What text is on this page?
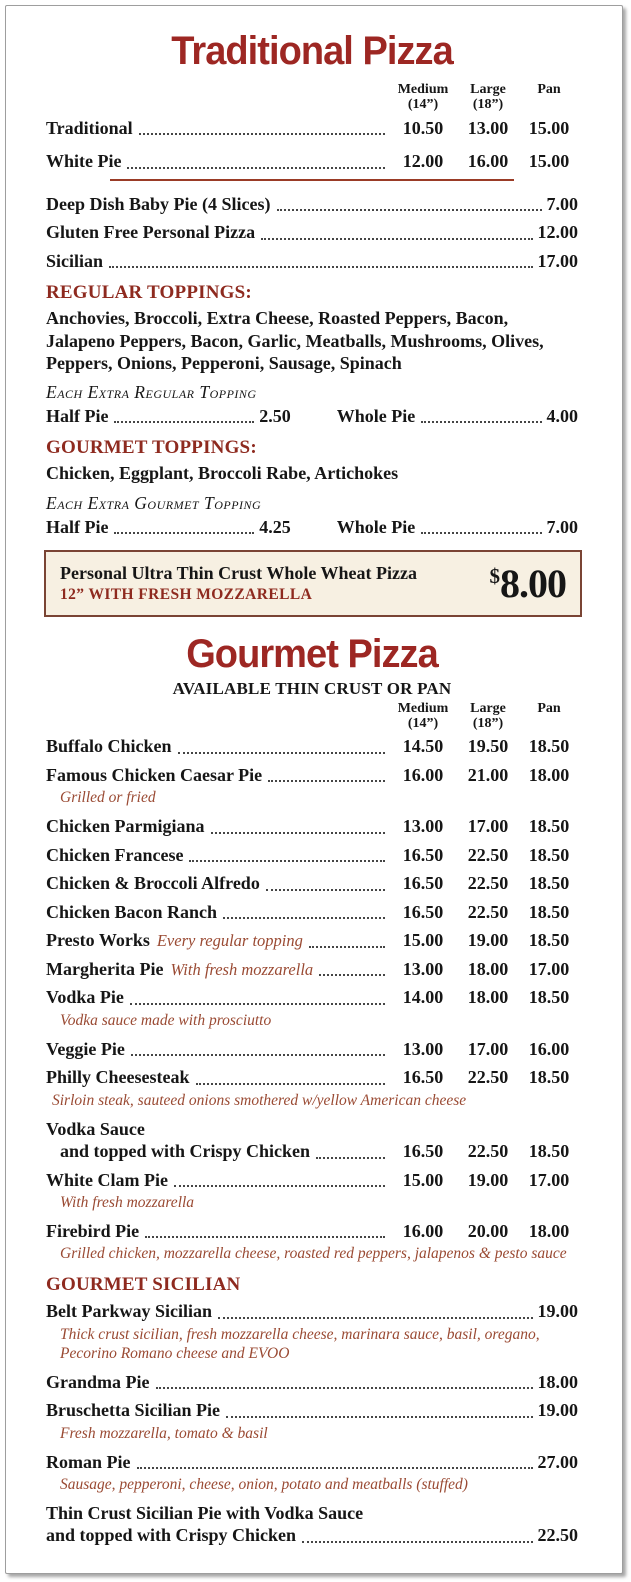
Traditional Pizza
Medium
(14”)
Large
(18”)
Pan

Traditional	10.50	13.00	15.00
White Pie	12.00	16.00	15.00
Deep Dish Baby Pie (4 Slices)	7.00
Gluten Free Personal Pizza	12.00
Sicilian	17.00
REGULAR TOPPINGS:
Anchovies, Broccoli, Extra Cheese, Roasted Peppers, Bacon, Jalapeno Peppers, Bacon, Garlic, Meatballs, Mushrooms, Olives, Peppers, Onions, Pepperoni, Sausage, Spinach
Each Extra Regular Topping
Half Pie	2.50	Whole Pie	4.00
GOURMET TOPPINGS:
Chicken, Eggplant, Broccoli Rabe, Artichokes
Each Extra Gourmet Topping
Half Pie	4.25	Whole Pie	7.00
Personal Ultra Thin Crust Whole Wheat Pizza
12” WITH FRESH MOZZARELLA
$8.00
Gourmet Pizza
AVAILABLE THIN CRUST OR PAN
Medium
(14”)
Large
(18”)
Pan

Buffalo Chicken	14.50	19.50	18.50
Famous Chicken Caesar Pie	16.00	21.00	18.00
Grilled or fried
Chicken Parmigiana	13.00	17.00	18.50
Chicken Francese	16.50	22.50	18.50
Chicken & Broccoli Alfredo	16.50	22.50	18.50
Chicken Bacon Ranch	16.50	22.50	18.50
Presto Works Every regular topping	15.00	19.00	18.50
Margherita Pie With fresh mozzarella	13.00	18.00	17.00
Vodka Pie	14.00	18.00	18.50
Vodka sauce made with prosciutto
Veggie Pie	13.00	17.00	16.00
Philly Cheesesteak	16.50	22.50	18.50
Sirloin steak, sauteed onions smothered w/yellow American cheese
Vodka Sauce
and topped with Crispy Chicken	16.50	22.50	18.50
White Clam Pie	15.00	19.00	17.00
With fresh mozzarella
Firebird Pie	16.00	20.00	18.00
Grilled chicken, mozzarella cheese, roasted red peppers, jalapenos & pesto sauce
GOURMET SICILIAN
Belt Parkway Sicilian	19.00
Thick crust sicilian, fresh mozzarella cheese, marinara sauce, basil, oregano, Pecorino Romano cheese and EVOO
Grandma Pie	18.00
Bruschetta Sicilian Pie	19.00
Fresh mozzarella, tomato & basil
Roman Pie	27.00
Sausage, pepperoni, cheese, onion, potato and meatballs (stuffed)
Thin Crust Sicilian Pie with Vodka Sauce
and topped with Crispy Chicken	22.50
